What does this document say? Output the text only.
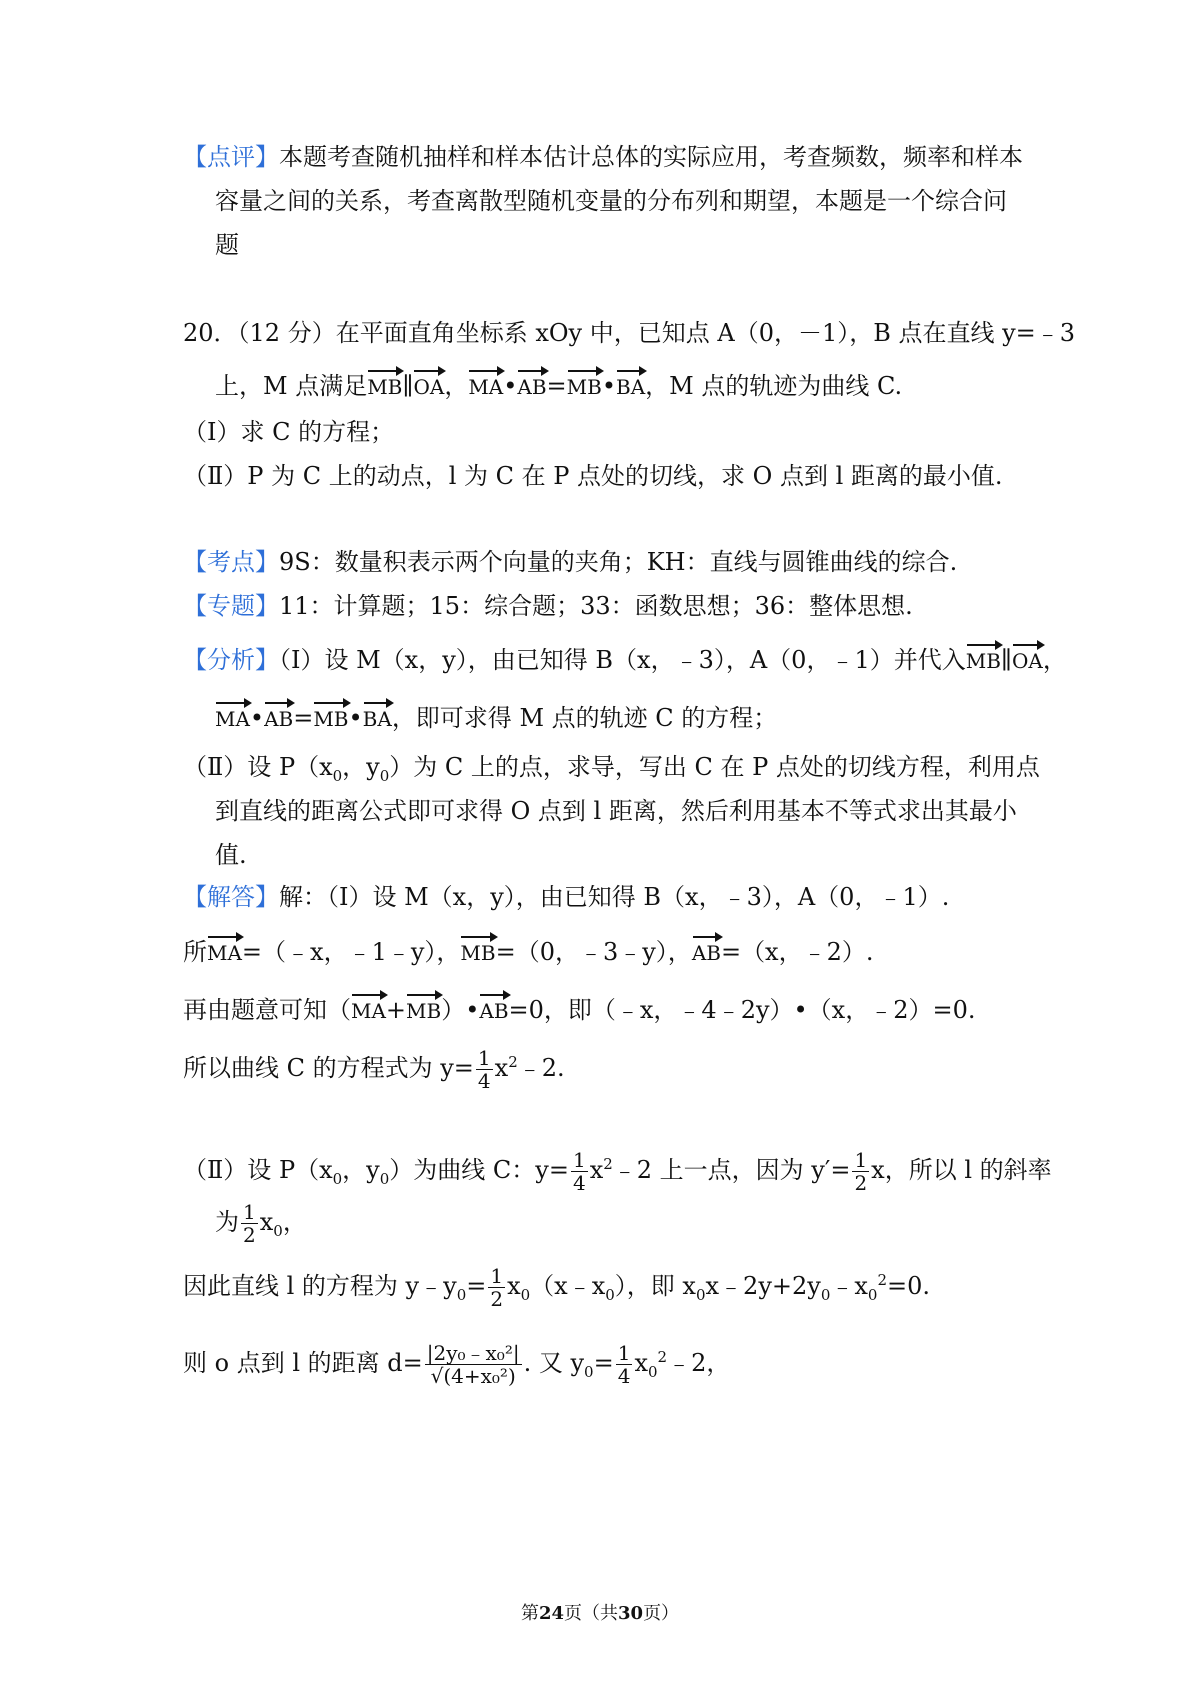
【点评】本题考查随机抽样和样本估计总体的实际应用，考查频数，频率和样本
容量之间的关系，考查离散型随机变量的分布列和期望，本题是一个综合问
题
20．（12 分）在平面直角坐标系 xOy 中，已知点 A（0，－1），B 点在直线 y=﹣3
上，M 点满足MB∥OA，MA•AB=MB•BA，M 点的轨迹为曲线 C.
（Ⅰ）求 C 的方程；
（Ⅱ）P 为 C 上的动点，l 为 C 在 P 点处的切线，求 O 点到 l 距离的最小值.
【考点】9S：数量积表示两个向量的夹角；KH：直线与圆锥曲线的综合.
【专题】11：计算题；15：综合题；33：函数思想；36：整体思想.
【分析】（Ⅰ）设 M（x，y），由已知得 B（x，﹣3），A（0，﹣1）并代入MB∥OA，
MA•AB=MB•BA，即可求得 M 点的轨迹 C 的方程；
（Ⅱ）设 $P(x_0$，$y_0$）为 C 上的点，求导，写出 C 在 P 点处的切线方程，利用点
到直线的距离公式即可求得 O 点到 l 距离，然后利用基本不等式求出其最小
值.
【解答】解：（Ⅰ）设 M（x，y），由已知得 B（x，﹣3），A（0，﹣1）.
所MA=（﹣x，﹣1﹣y），MB=（0，﹣3﹣y），AB=（x，﹣2）.
再由题意可知（MA+MB）•AB=0，即（﹣x，﹣4﹣2y）•（x，﹣2）=0.
所以曲线 C 的方程式为 $y= \frac{1}{4}$ $x^2﹣2$.
（Ⅱ）设 $P(x_0$，$y_0$）为曲线 C：$y= \frac{1}{4}$ $x^2﹣2$ 上一点，因为 $y'= \frac{1}{2}$ x，所以 l 的斜率
为 $\frac{1}{2} x_0$，
因此直线 l 的方程为 $y﹣y_0= \frac{1}{2}$ $x_0(x﹣x_0)$，即 $x_0x﹣2y+2y_0﹣x_0^2=0$.
则 o 点到 l 的距离 $d= \frac{\text{|2y₀﹣x₀²|}}{\text{√(4+x₀²)}}$ . 又 $y_0= \frac{1}{4}$ $x_0^2﹣2$，
第24页（共30页）
